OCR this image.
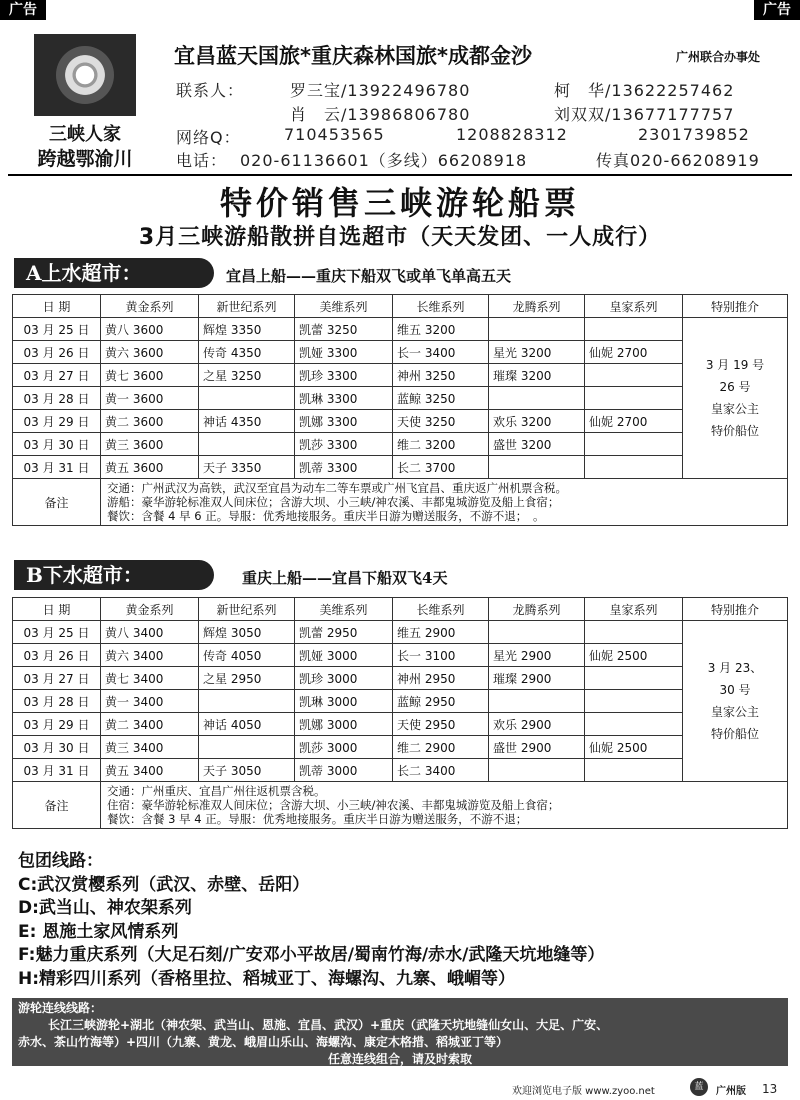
广告	广告
三峡人家
跨越鄂渝川
宜昌蓝天国旅*重庆森林国旅*成都金沙	广州联合办事处
联系人：	罗三宝/13922496780	柯　华/13622257462
肖　云/13986806780	刘双双/13677177757
网络Q：	710453565	1208828312	2301739852
电话： 020-61136601（多线）66208918	传真020-66208919
特价销售三峡游轮船票
3月三峡游船散拼自选超市（天天发团、一人成行）
A上水超市：	宜昌上船——重庆下船双飞或单飞单高五天
日 期	黄金系列	新世纪系列	美维系列	长维系列	龙腾系列	皇家系列	特别推介
03 月 25 日	黄八 3600	辉煌 3350	凯蕾 3250	维五 3200			3 月 19 号
26 号
皇家公主
特价船位

03 月 26 日	黄六 3600	传奇 4350	凯娅 3300	长一 3400	星光 3200	仙妮 2700	
03 月 27 日	黄七 3600	之星 3250	凯珍 3300	神州 3250	璀璨 3200		
03 月 28 日	黄一 3600		凯琳 3300	蓝鲸 3250			
03 月 29 日	黄二 3600	神话 4350	凯娜 3300	天使 3250	欢乐 3200	仙妮 2700	
03 月 30 日	黄三 3600		凯莎 3300	维二 3200	盛世 3200		
03 月 31 日	黄五 3600	天子 3350	凯蒂 3300	长二 3700			
备注	交通：广州武汉为高铁，武汉至宜昌为动车二等车票或广州飞宜昌、重庆返广州机票含税。
游船：豪华游轮标准双人间床位；含游大坝、小三峡/神农溪、丰都鬼城游览及船上食宿；
餐饮：含餐 4 早 6 正。导服：优秀地接服务。重庆半日游为赠送服务，不游不退；　。						
B下水超市：	重庆上船——宜昌下船双飞4天
日 期	黄金系列	新世纪系列	美维系列	长维系列	龙腾系列	皇家系列	特别推介
03 月 25 日	黄八 3400	辉煌 3050	凯蕾 2950	维五 2900			3 月 23、
30 号
皇家公主
特价船位

03 月 26 日	黄六 3400	传奇 4050	凯娅 3000	长一 3100	星光 2900	仙妮 2500	
03 月 27 日	黄七 3400	之星 2950	凯珍 3000	神州 2950	璀璨 2900		
03 月 28 日	黄一 3400		凯琳 3000	蓝鲸 2950			
03 月 29 日	黄二 3400	神话 4050	凯娜 3000	天使 2950	欢乐 2900		
03 月 30 日	黄三 3400		凯莎 3000	维二 2900	盛世 2900	仙妮 2500	
03 月 31 日	黄五 3400	天子 3050	凯蒂 3000	长二 3400			
备注	交通：广州重庆、宜昌广州往返机票含税。
住宿：豪华游轮标准双人间床位；含游大坝、小三峡/神农溪、丰都鬼城游览及船上食宿；
餐饮：含餐 3 早 4 正。导服：优秀地接服务。重庆半日游为赠送服务，不游不退；						
包团线路：
C:武汉赏樱系列（武汉、赤壁、岳阳）
D:武当山、神农架系列
E: 恩施土家风情系列
F:魅力重庆系列（大足石刻/广安邓小平故居/蜀南竹海/赤水/武隆天坑地缝等）
H:精彩四川系列（香格里拉、稻城亚丁、海螺沟、九寨、峨嵋等）
游轮连线线路：
长江三峡游轮+湖北（神农架、武当山、恩施、宜昌、武汉）+重庆（武隆天坑地缝仙女山、大足、广安、
赤水、茶山竹海等）+四川（九寨、黄龙、峨眉山乐山、海螺沟、康定木格措、稻城亚丁等）
任意连线组合，请及时索取
欢迎浏览电子版 www.zyoo.net	蓝	广州版 13
